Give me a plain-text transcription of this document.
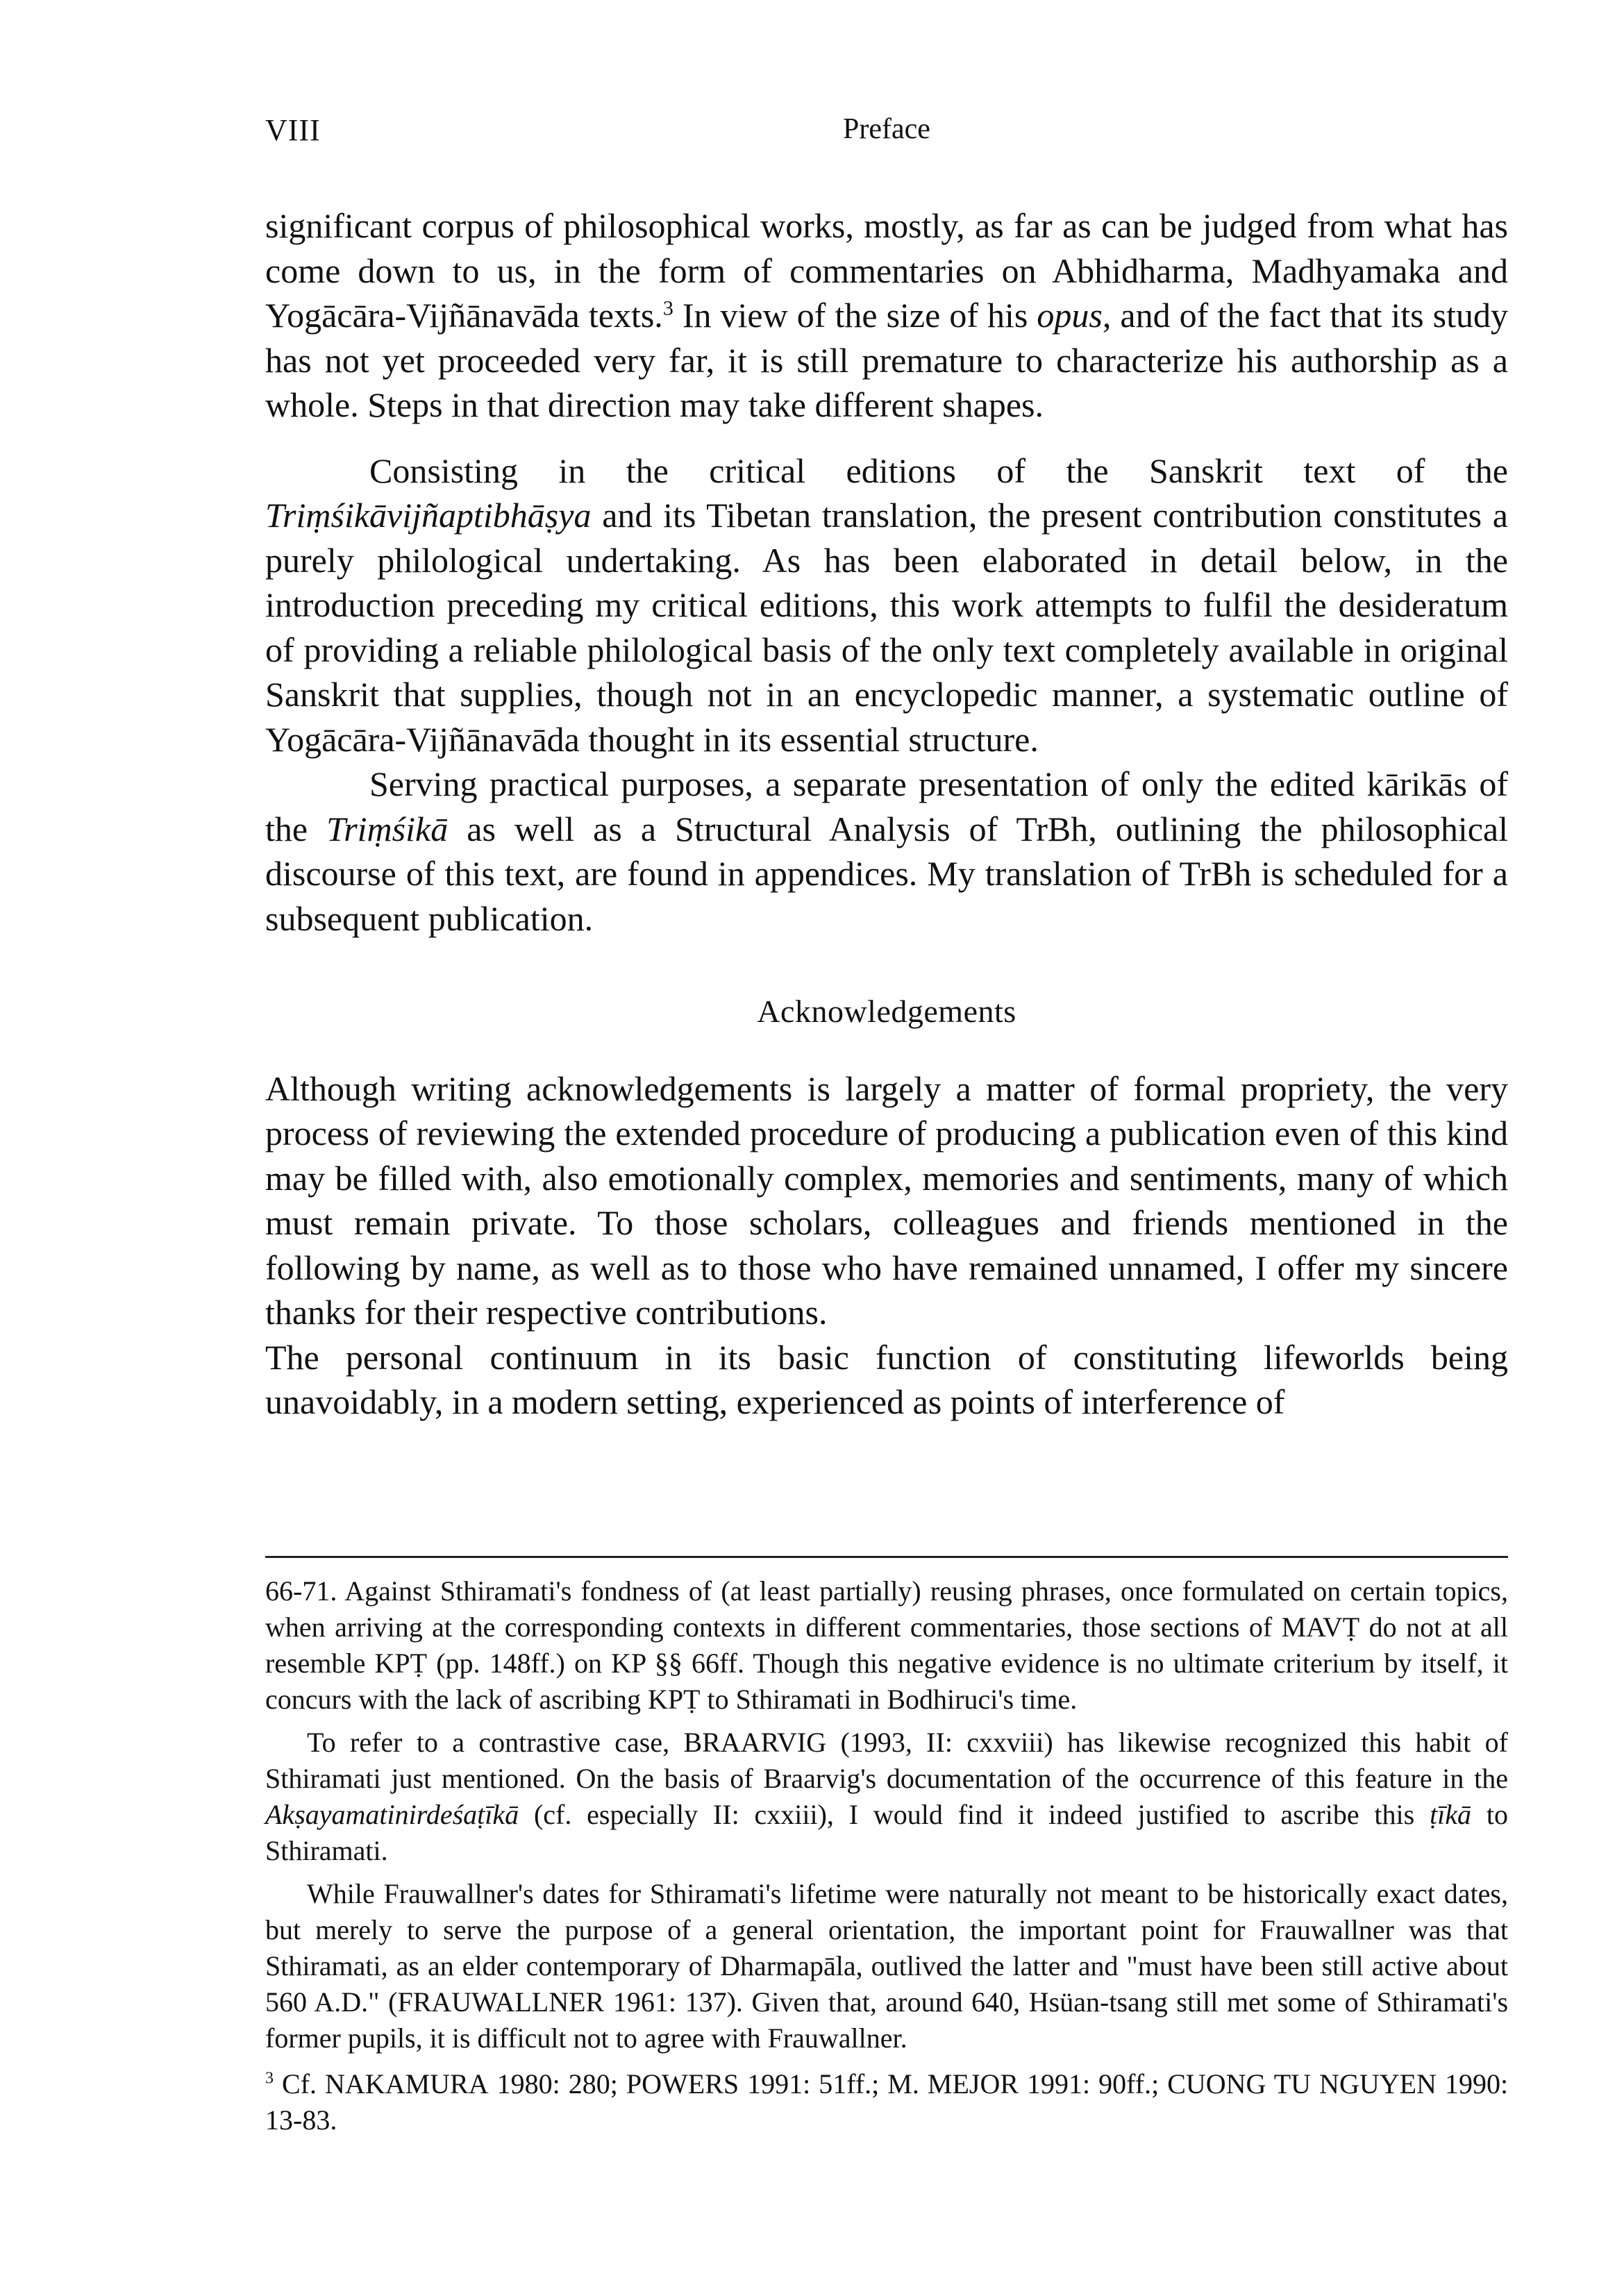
VIII	Preface

significant corpus of philosophical works, mostly, as far as can be judged from what has come down to us, in the form of commentaries on Abhidharma, Madhyamaka and Yogācāra-Vijñānavāda texts.$^3$ In view of the size of his opus, and of the fact that its study has not yet proceeded very far, it is still premature to characterize his authorship as a whole. Steps in that direction may take different shapes.

Consisting in the critical editions of the Sanskrit text of the Triṃśikāvijñaptibhāṣya and its Tibetan translation, the present contribution constitutes a purely philological undertaking. As has been elaborated in detail below, in the introduction preceding my critical editions, this work attempts to fulfil the desideratum of providing a reliable philological basis of the only text completely available in original Sanskrit that supplies, though not in an encyclopedic manner, a systematic outline of Yogācāra-Vijñānavāda thought in its essential structure.

Serving practical purposes, a separate presentation of only the edited kārikās of the Triṃśikā as well as a Structural Analysis of TrBh, outlining the philosophical discourse of this text, are found in appendices. My translation of TrBh is scheduled for a subsequent publication.

Acknowledgements

Although writing acknowledgements is largely a matter of formal propriety, the very process of reviewing the extended procedure of producing a publication even of this kind may be filled with, also emotionally complex, memories and sentiments, many of which must remain private. To those scholars, colleagues and friends mentioned in the following by name, as well as to those who have remained unnamed, I offer my sincere thanks for their respective contributions.

The personal continuum in its basic function of constituting lifeworlds being unavoidably, in a modern setting, experienced as points of interference of

66-71. Against Sthiramati's fondness of (at least partially) reusing phrases, once formulated on certain topics, when arriving at the corresponding contexts in different commentaries, those sections of MAVṬ do not at all resemble KPṬ (pp. 148ff.) on KP §§ 66ff. Though this negative evidence is no ultimate criterium by itself, it concurs with the lack of ascribing KPṬ to Sthiramati in Bodhiruci's time.

To refer to a contrastive case, BRAARVIG (1993, II: cxxviii) has likewise recognized this habit of Sthiramati just mentioned. On the basis of Braarvig's documentation of the occurrence of this feature in the Akṣayamatinirdeśaṭīkā (cf. especially II: cxxiii), I would find it indeed justified to ascribe this ṭīkā to Sthiramati.

While Frauwallner's dates for Sthiramati's lifetime were naturally not meant to be historically exact dates, but merely to serve the purpose of a general orientation, the important point for Frauwallner was that Sthiramati, as an elder contemporary of Dharmapāla, outlived the latter and "must have been still active about 560 A.D." (FRAUWALLNER 1961: 137). Given that, around 640, Hsüan-tsang still met some of Sthiramati's former pupils, it is difficult not to agree with Frauwallner.

$^3$ Cf. NAKAMURA 1980: 280; POWERS 1991: 51ff.; M. MEJOR 1991: 90ff.; CUONG TU NGUYEN 1990: 13-83.
